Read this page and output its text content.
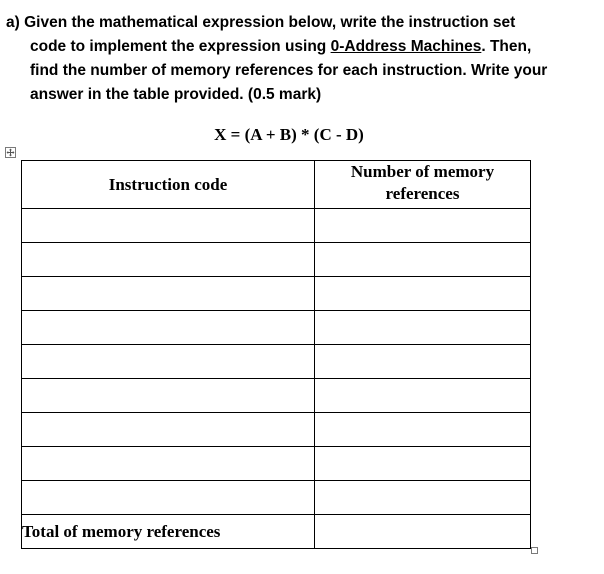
a) Given the mathematical expression below, write the instruction set
code to implement the expression using 0-Address Machines. Then,
find the number of memory references for each instruction. Write your
answer in the table provided. (0.5 mark)
X = (A + B) * (C - D)
Instruction code	Number of memory
references

Total of memory references	
